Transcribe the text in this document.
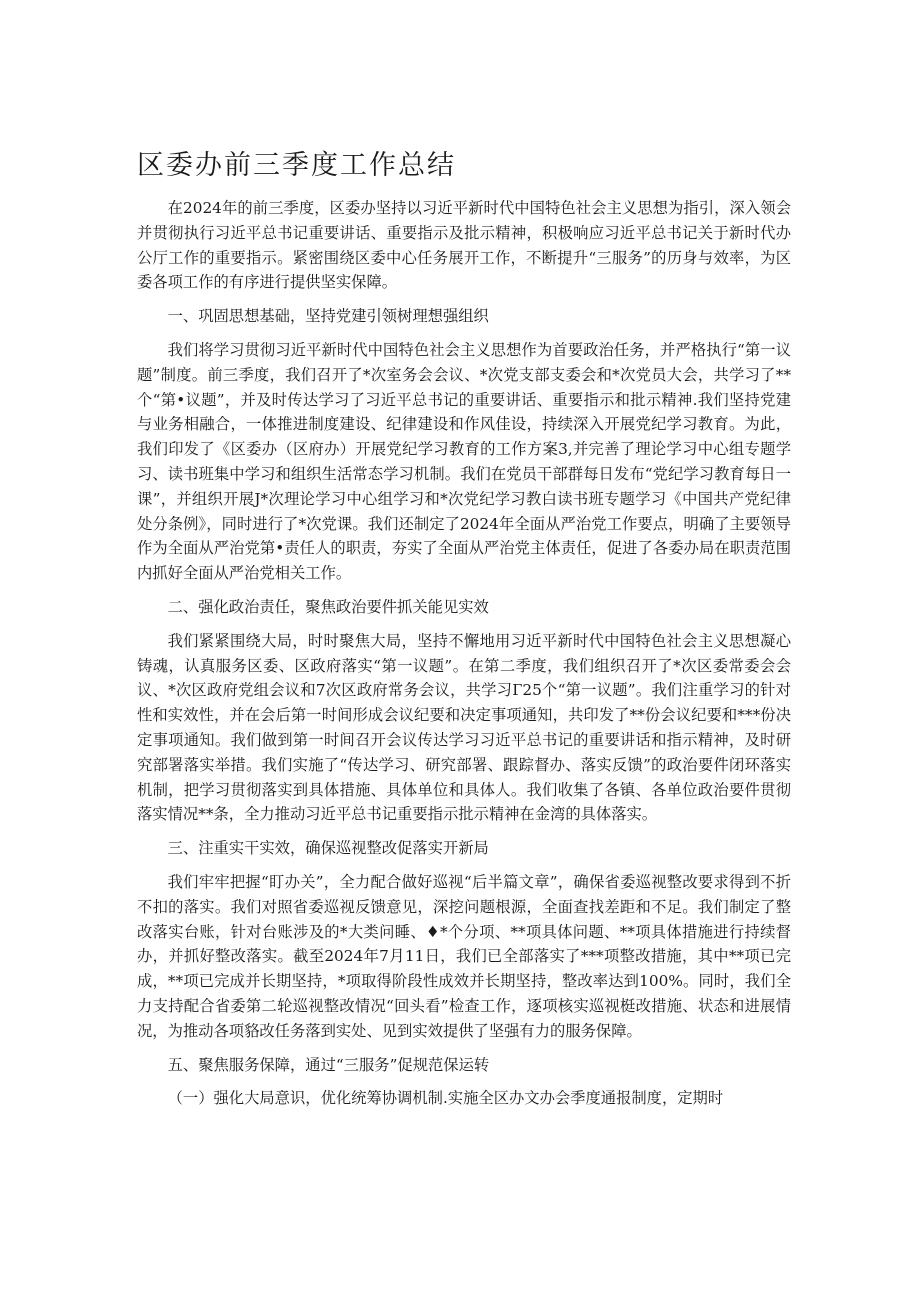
区委办前三季度工作总结

在2024年的前三季度，区委办坚持以习近平新时代中国特色社会主义思想为指引，深入领会并贯彻执行习近平总书记重要讲话、重要指示及批示精神，积极响应习近平总书记关于新时代办公厅工作的重要指示。紧密围绕区委中心任务展开工作，不断提升“三服务”的历身与效率，为区委各项工作的有序进行提供坚实保障。

一、巩固思想基础，坚持党建引领树理想强组织

我们将学习贯彻习近平新时代中国特色社会主义思想作为首要政治任务，并严格执行“第一议题”制度。前三季度，我们召开了*次室务会会议、*次党支部支委会和*次党员大会，共学习了**个“第•议题”，并及时传达学习了习近平总书记的重要讲话、重要指示和批示精神.我们坚持党建与业务相融合，一体推进制度建设、纪律建设和作风佳设，持续深入开展党纪学习教育。为此，我们印发了《区委办（区府办）开展党纪学习教育的工作方案3,并完善了理论学习中心组专题学习、读书班集中学习和组织生活常态学习机制。我们在党员干部群每日发布“党纪学习教育每日一课”，并组织开展J*次理论学习中心组学习和*次党纪学习教白读书班专题学习《中国共产党纪律处分条例》，同时进行了*次党课。我们还制定了2024年全面从严治党工作要点，明确了主要领导作为全面从严治党第•责任人的职责，夯实了全面从严治党主体责任，促进了各委办局在职责范围内抓好全面从严治党相关工作。

二、强化政治责任，聚焦政治要件抓关能见实效

我们紧紧围绕大局，时时聚焦大局，坚持不懈地用习近平新时代中国特色社会主义思想凝心铸魂，认真服务区委、区政府落实“第一议题”。在第二季度，我们组织召开了*次区委常委会会议、*次区政府党组会议和7次区政府常务会议，共学习Г25个“第一议题”。我们注重学习的针对性和实效性，并在会后第一时间形成会议纪要和决定事项通知，共印发了**份会议纪要和***份决定事项通知。我们做到第一时间召开会议传达学习习近平总书记的重要讲话和指示精神，及时研究部署落实举措。我们实施了“传达学习、研究部署、跟踪督办、落实反馈”的政治要件闭环落实机制，把学习贯彻落实到具体措施、具体单位和具体人。我们收集了各镇、各单位政治要件贯彻落实情况**条，全力推动习近平总书记重要指示批示精神在金湾的具体落实。

三、注重实干实效，确保巡视整改促落实开新局

我们牢牢把握“盯办关”，全力配合做好巡视“后半篇文章”，确保省委巡视整改要求得到不折不扣的落实。我们对照省委巡视反馈意见，深挖问题根源，全面查找差距和不足。我们制定了整改落实台账，针对台账涉及的*大类问睡、♦*个分项、**项具体问题、**项具体措施进行持续督办，并抓好整改落实。截至2024年7月11日，我们已全部落实了***项整改措施，其中**项已完成，**项已完成并长期坚持，*项取得阶段性成效并长期坚持，整改率达到100%。同时，我们全力支持配合省委第二轮巡视整改情况“回头看”检查工作，逐项核实巡视梃改措施、状态和进展情况，为推动各项貉改任务落到实处、见到实效提供了坚强有力的服务保障。

五、聚焦服务保障，通过“三服务”促规范保运转

（一）强化大局意识，优化统筹协调机制.实施全区办文办会季度通报制度，定期时
